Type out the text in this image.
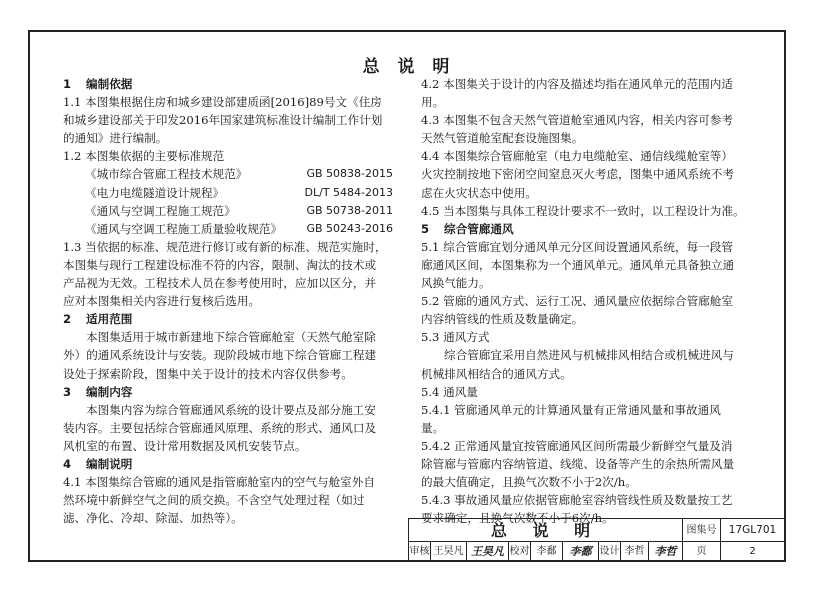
总 说 明
1 编制依据
1.1 本图集根据住房和城乡建设部建质函[2016]89号文《住房
和城乡建设部关于印发2016年国家建筑标准设计编制工作计划
的通知》进行编制。
1.2 本图集依据的主要标准规范
《城市综合管廊工程技术规范》	GB 50838-2015
《电力电缆隧道设计规程》	DL/T 5484-2013
《通风与空调工程施工规范》	GB 50738-2011
《通风与空调工程施工质量验收规范》 GB 50243-2016
1.3 当依据的标准、规范进行修订或有新的标准、规范实施时，
本图集与现行工程建设标准不符的内容，限制、淘汰的技术或
产品视为无效。工程技术人员在参考使用时，应加以区分，并
应对本图集相关内容进行复核后选用。
2 适用范围
本图集适用于城市新建地下综合管廊舱室（天然气舱室除
外）的通风系统设计与安装。现阶段城市地下综合管廊工程建
设处于探索阶段，图集中关于设计的技术内容仅供参考。
3 编制内容
本图集内容为综合管廊通风系统的设计要点及部分施工安
装内容。主要包括综合管廊通风原理、系统的形式、通风口及
风机室的布置、设计常用数据及风机安装节点。
4 编制说明
4.1 本图集综合管廊的通风是指管廊舱室内的空气与舱室外自
然环境中新鲜空气之间的质交换。不含空气处理过程（如过
滤、净化、冷却、除湿、加热等）。
4.2 本图集关于设计的内容及描述均指在通风单元的范围内适
用。
4.3 本图集不包含天然气管道舱室通风内容，相关内容可参考
天然气管道舱室配套设施图集。
4.4 本图集综合管廊舱室（电力电缆舱室、通信线缆舱室等）
火灾控制按地下密闭空间窒息灭火考虑，图集中通风系统不考
虑在火灾状态中使用。
4.5 当本图集与具体工程设计要求不一致时，以工程设计为准。
5 综合管廊通风
5.1 综合管廊宜划分通风单元分区间设置通风系统，每一段管
廊通风区间，本图集称为一个通风单元。通风单元具备独立通
风换气能力。
5.2 管廊的通风方式、运行工况、通风量应依据综合管廊舱室
内容纳管线的性质及数量确定。
5.3 通风方式
综合管廊宜采用自然进风与机械排风相结合或机械进风与
机械排风相结合的通风方式。
5.4 通风量
5.4.1 管廊通风单元的计算通风量有正常通风量和事故通风
量。
5.4.2 正常通风量宜按管廊通风区间所需最少新鲜空气量及消
除管廊与管廊内容纳管道、线缆、设备等产生的余热所需风量
的最大值确定，且换气次数不小于2次/h。
5.4.3 事故通风量应依据管廊舱室容纳管线性质及数量按工艺
要求确定，且换气次数不小于6次/h。
总 说 明	图集号	17GL701
审核 王昊凡 王昊凡 校对 李鄱	李鄱 设计 李哲 李哲	页	2
